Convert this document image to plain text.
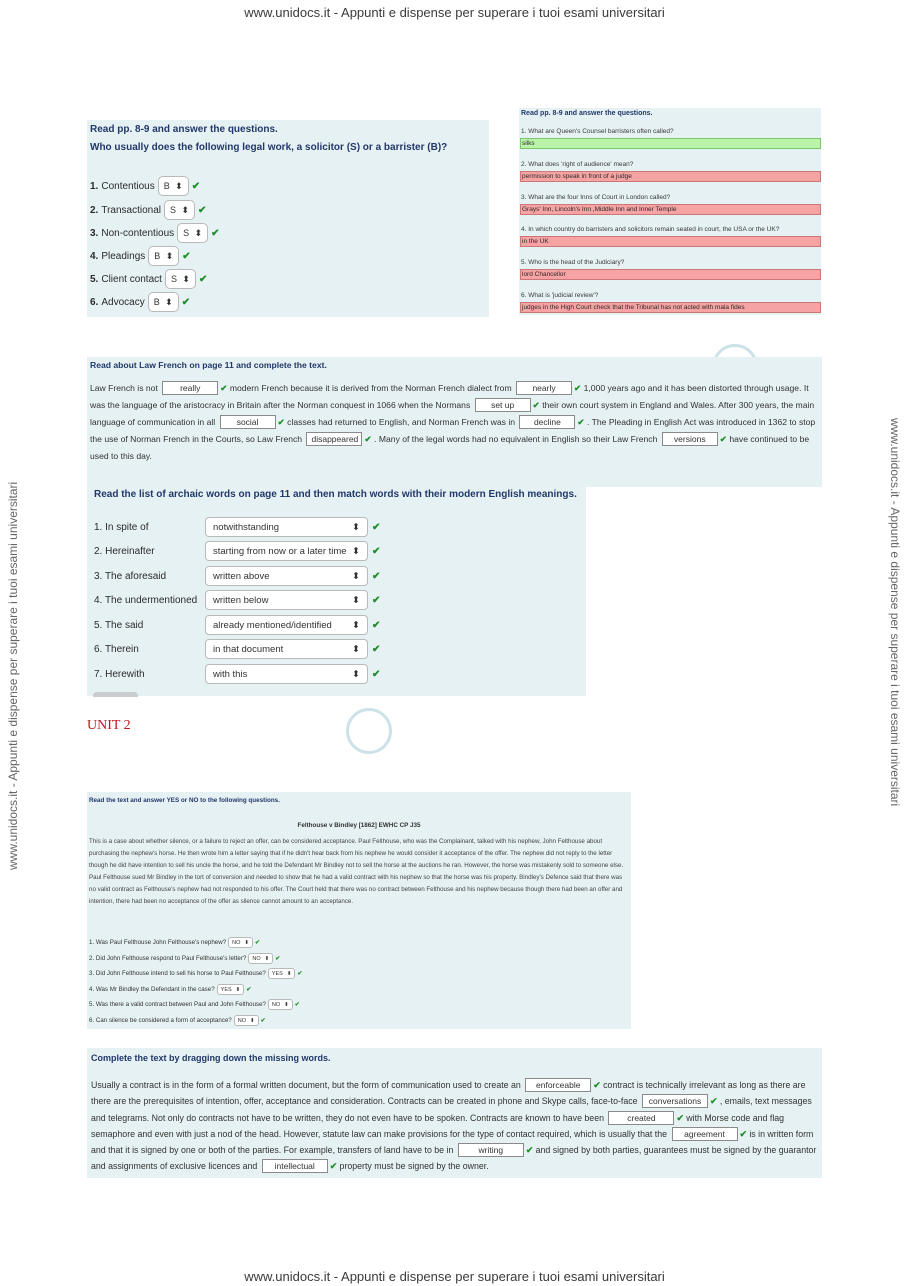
www.unidocs.it - Appunti e dispense per superare i tuoi esami universitari
www.unidocs.it - Appunti e dispense per superare i tuoi esami universitari	www.unidocs.it - Appunti e dispense per superare i tuoi esami universitari
Read pp. 8-9 and answer the questions.
Who usually does the following legal work, a solicitor (S) or a barrister (B)?
1. Contentious B ⬍ ✔
2. Transactional S ⬍ ✔
3. Non-contentious S ⬍ ✔
4. Pleadings B ⬍ ✔
5. Client contact S ⬍ ✔
6. Advocacy B ⬍ ✔
Read pp. 8-9 and answer the questions.
1. What are Queen's Counsel barristers often called?
silks
2. What does 'right of audience' mean?
permission to speak in front of a judge
3. What are the four Inns of Court in London called?
Grays' Inn, Lincoln's Inn ,Middle Inn and Inner Temple
4. In which country do barristers and solicitors remain seated in court, the USA or the UK?
in the UK
5. Who is the head of the Judiciary?
lord Chancellor
6. What is 'judicial review'?
judges in the High Court check that the Tribunal has not acted with mala fides
Read about Law French on page 11 and complete the text.
Law French is not	really ✔ modern French because it is derived from the Norman French dialect from nearly ✔ 1,000 years ago and it has been distorted through usage. It was the language of the aristocracy in Britain after the Norman conquest in 1066 when the Normans set up ✔ their own court system in England and Wales. After 300 years, the main language of communication in all	social ✔ classes had returned to English, and Norman French was in decline ✔ . The Pleading in English Act was introduced in 1362 to stop the use of Norman French in the Courts, so Law French disappeared ✔ . Many of the legal words had no equivalent in English so their Law French versions ✔ have continued to be used to this day.
Read the list of archaic words on page 11 and then match words with their modern English meanings.
1. In spite of	notwithstanding	⬍ ✔
2. Hereinafter	starting from now or a later time ⬍ ✔
3. The aforesaid	written above	⬍ ✔
4. The undermentioned	written below	⬍ ✔
5. The said	already mentioned/identified ⬍ ✔
6. Therein	in that document	⬍ ✔
7. Herewith	with this	⬍ ✔
UNIT 2
Read the text and answer YES or NO to the following questions.
Felthouse v Bindley [1862] EWHC CP J35
This is a case about whether silence, or a failure to reject an offer, can be considered acceptance. Paul Felthouse, who was the Complainant, talked with his nephew, John Felthouse about purchasing the nephew's horse. He then wrote him a letter saying that if he didn't hear back from his nephew he would consider it acceptance of the offer. The nephew did not reply to the letter though he did have intention to sell his uncle the horse, and he told the Defendant Mr Bindley not to sell the horse at the auctions he ran. However, the horse was mistakenly sold to someone else. Paul Felthouse sued Mr Bindley in the tort of conversion and needed to show that he had a valid contract with his nephew so that the horse was his property. Bindley's Defence said that there was no valid contract as Felthouse's nephew had not responded to his offer. The Court held that there was no contract between Felthouse and his nephew because though there had been an offer and intention, there had been no acceptance of the offer as silence cannot amount to an acceptance.
1. Was Paul Felthouse John Felthouse's nephew? NO ⬍ ✔
2. Did John Felthouse respond to Paul Felthouse's letter? NO ⬍ ✔
3. Did John Felthouse intend to sell his horse to Paul Felthouse? YES ⬍ ✔
4. Was Mr Bindley the Defendant in the case? YES ⬍ ✔
5. Was there a valid contract between Paul and John Felthouse? NO ⬍ ✔
6. Can silence be considered a form of acceptance? NO ⬍ ✔
Complete the text by dragging down the missing words.
Usually a contract is in the form of a formal written document, but the form of communication used to create an enforceable ✔ contract is technically irrelevant as long as there are there are the prerequisites of intention, offer, acceptance and consideration. Contracts can be created in phone and Skype calls, face-to-face conversations ✔ , emails, text messages and telegrams. Not only do contracts not have to be written, they do not even have to be spoken. Contracts are known to have been	created ✔ with Morse code and flag semaphore and even with just a nod of the head. However, statute law can make provisions for the type of contact required, which is usually that the agreement ✔ is in written form and that it is signed by one or both of the parties. For example, transfers of land have to be in	writing	✔ and signed by both parties, guarantees must be signed by the guarantor and assignments of exclusive licences and intellectual ✔ property must be signed by the owner.
www.unidocs.it - Appunti e dispense per superare i tuoi esami universitari
